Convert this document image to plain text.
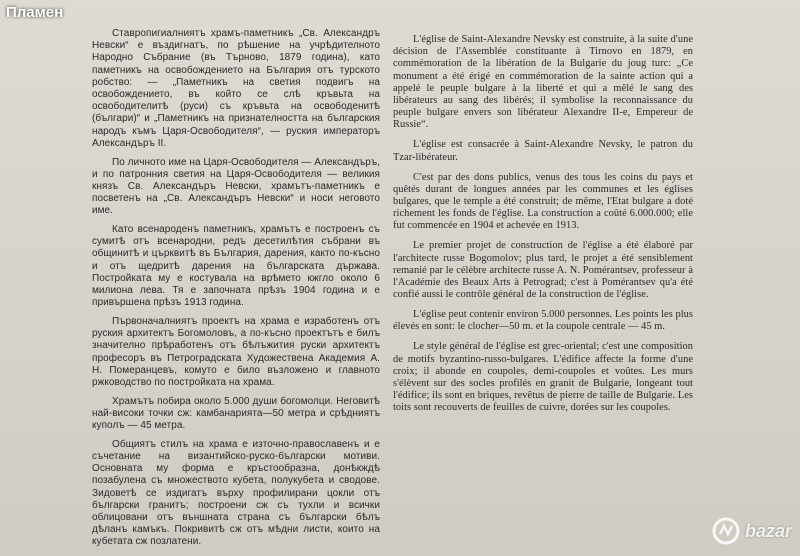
Пламен

Ставропигиалниятъ храмъ-паметникъ „Св. Александръ Невски“ е въздигнатъ, по рѣшение на учрѣдителното Народно Събрание (въ Търново, 1879 година), като паметникъ на освобождението на България отъ турското робство: — „Паметникъ на светия подвигъ на освобождението, въ който се слѣ кръвьта на освободителитѣ (руси) съ кръвьта на освободенитѣ (българи)“ и „Паметникъ на признателността на българския народъ къмъ Царя-Освободителя“, — руския императоръ Александъръ II.

По личното име на Царя-Освободителя — Александъръ, и по патронния светия на Царя-Освободителя — великия князъ Св. Александъръ Невски, храмътъ-паметникъ е посветенъ на „Св. Александъръ Невски“ и носи неговото име.

Като всенароденъ паметникъ, храмътъ е построенъ съ сумитѣ отъ всенародни, редъ десетилѣтия събрани въ общинитѣ и църквитѣ въ България, дарения, както по-късно и отъ щедритѣ дарения на българската държава. Постройката му е костувала на врѣмето кжгло около 6 милиона лева. Тя е започната прѣзъ 1904 година и е привършена прѣзъ 1913 година.

Първоначалниятъ проектъ на храма е изработенъ отъ руския архитектъ Богомоловъ, а по-късно проектътъ е билъ значително прѣработенъ отъ бѣлъжития руски архитектъ професоръ въ Петроградската Художествена Академия А. Н. Померанцевъ, комуто е било възложено и главното ржководство по постройката на храма.

Храмътъ побира около 5.000 души богомолци. Неговитѣ най-високи точки сж: камбанарията—50 метра и срѣдниятъ куполъ — 45 метра.

Общиятъ стилъ на храма е източно-православенъ и е съчетание на византийско-руско-български мотиви. Основната му форма е кръстообразна, донѣкждѣ позабулена съ множеството кубета, полукубета и сводове. Зидоветѣ се издигатъ върху профилирани цокли отъ български гранитъ; построени сж съ тухли и всички облицовани отъ външната страна съ български бѣлъ дѣланъ камъкъ. Покривитѣ сж отъ мѣдни листи, които на кубетата сж позлатени.

L'église de Saint-Alexandre Nevsky est construite, à la suite d'une décision de l'Assemblée constituante à Tirnovo en 1879, en commémoration de la libération de la Bulgarie du joug turc: „Ce monument a été érigé en commémoration de la sainte action qui a appelé le peuple bulgare à la liberté et qui a mêlé le sang des libérateurs au sang des libérés; il symbolise la reconnaissance du peuple bulgare envers son libérateur Alexandre II-e, Empereur de Russie“.

L'église est consacrée à Saint-Alexandre Nevsky, le patron du Tzar-libérateur.

C'est par des dons publics, venus des tous les coins du pays et quêtés durant de longues années par les communes et les églises bulgares, que le temple a été construit; de même, l'Etat bulgare a doté richement les fonds de l'église. La construction a coûté 6.000.000; elle fut commencée en 1904 et achevée en 1913.

Le premier projet de construction de l'église a été élaboré par l'architecte russe Bogomolov; plus tard, le projet a été sensiblement remanié par le célèbre architecte russe A. N. Pomérantsev, professeur à l'Académie des Beaux Arts à Petrograd; c'est à Pomérantsev qu'a été confié aussi le contrôle général de la construction de l'église.

L'église peut contenir environ 5.000 personnes. Les points les plus élevés en sont: le clocher—50 m. et la coupole centrale — 45 m.

Le style général de l'église est grec-oriental; c'est une composition de motifs byzantino-russo-bulgares. L'édifice affecte la forme d'une croix; il abonde en coupoles, demi-coupoles et voûtes. Les murs s'élèvent sur des socles profilés en granit de Bulgarie, longeant tout l'édifice; ils sont en briques, revêtus de pierre de taille de Bulgarie. Les toits sont recouverts de feuilles de cuivre, dorées sur les coupoles.

bazar
